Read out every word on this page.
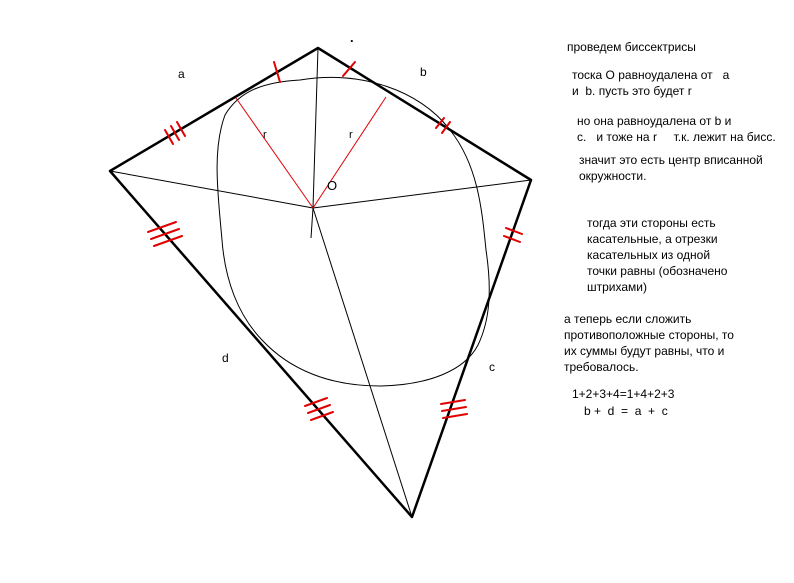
.
a	b
c
d
O
r	r
проведем биссектрисы
тоска О равноудалена от   а
и  b. пусть это будет r
но она равноудалена от b и
с.   и тоже на r     т.к. лежит на бисс.
значит это есть центр вписанной
окружности.
тогда эти стороны есть
касательные, а отрезки
касательных из одной
точки равны (обозначено
штрихами)
а теперь если сложить
противоположные стороны, то
их суммы будут равны, что и
требовалось.
1+2+3+4=1+4+2+3
b +  d  =  a  +  c
